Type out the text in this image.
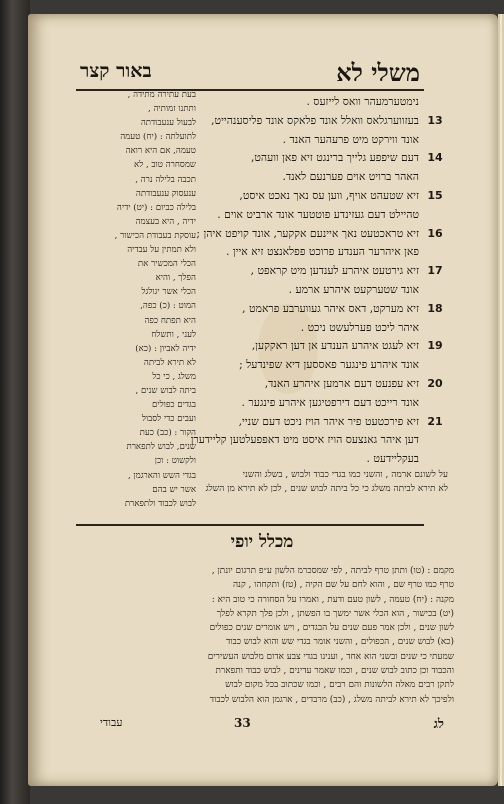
משלי לא
באור קצר
נימטערמעהר וואס לייזעס .
13
בעזווערגלאס וואלל אונד פלאקס אונד פליסענהייט,
אונד ווירקט מיט פרעהער האנד .
14
דעם שיפפע גלייך ברינגט זיא פאן וועהט,
האהר ברויט אוים פערנעם לאנד.
15
זיא שטעהט אויף, ווען עס נאך נאכט איסט,
טהיילט דעם געזינדע פוטטער אונד ארביט אוים .
16
זיא טראכטעט נאך איינעם אקקער, אונד קויפט איהן ;
פאן איהרער הענדע פרוכט פפלאנצט זיא איין .
17
זיא גירטעט איהרע לענדען מיט קראפט ,
אונד שטערקעט איהרע ארמע .
18
זיא מערקט, דאס איהר געווערבע פראמט ,
איהר ליכט פערלעשט ניכט .
19
זיא לעגט איהרע הענדע אן דען ראקקען,
אונד איהרע פינגער פאססען דיא שפינדעל ;
20
זיא עפנעט דעם ארמען איהרע האנד,
אונד רייכט דעם דירפטיגען איהרע פינגער .
21
זיא פירכטעט פיר איהר הויז ניכט דעם שניי,
דען איהר גאנצעס הויז איסט מיט דאפפעלטען קליידערן
בעקליידעט .
בעת עתירה מתידה ,
ותתנו זמותיה ,
לבעול ענעבודתה
לתועלתה : (יח) טעמה
טעמה, אם היא רואה
שמסחרה טוב , לא
תכבה בלילה נרה ,
ענעסוק ענעבודתה
בלילה כביום : (יט) ידיה
ידיה , היא בעצמה
עוסקת בעבודת הכישור ,
ולא תמתין על עבדיה
הכלי המכשיר את
הפלך , והיא
הכלי אשר יגולגל
המוט : (כ) כפה,
היא תפתח כפה
לעני , ותשלח
ידיה לאביון : (כא)
לא תירא לביתה
משלג , כי כל
ביתה לבוש שנים ,
בגדים כפולים
ועבים כדי לסבול
הקור : (כב) כעת
שנים, לבוש לתפארת
ולקשוט : וכן
בגדי השש והארגמן ,
אשר יש בהם
לבוש לכבוד ולתפארת
על לשונם ארמה , והשני כמו בגדי כבוד ולבוש , בשלג והשני
לא תירא לביתה משלג כי כל ביתה לבוש שנים , לכן לא תירא מן השלג
מכלל יופי
מקמם : (טו) ותתן טרף לביתה , לפי שמסכרמ הלשון ע״פ תרגום יונתן ,
טרף כמו טרף שם , והוא לחם על שם הקיה , (טז) ותקחהו , קנה
מקנה : (יח) טעמה , לשון טעם ודעת , ואמרו על הסחורה כי טוב היא :
(יט) בכישור , הוא הכלי אשר ימשך בו הפשתן , ולכן פלך תקרא לפלך
לשון שנים , ולכן אמר פעם שנים על הבגדים , ויש אומרים שנים כפולים
(כא) לבוש שנים , הכפולים , והשני אומר בגדי שש והוא לבוש כבוד
שמעתי כי שנים ובשני הוא אחד , וענינו בגדי צבע אדום מלבוש העשירים
והכבוד וכן כתוב לבוש שנים , וכמו שאמר עדינים , לבוש כבוד ותפארת
לתקן רבים מאלה הלשונות והם רבים , וכמו שכתוב בכל מקום לבוש
ולפיכך לא תירא לביתה משלג , (כב) מרבדים , ארגמן הוא הלבוש לכבוד
עבודי	33	לג
